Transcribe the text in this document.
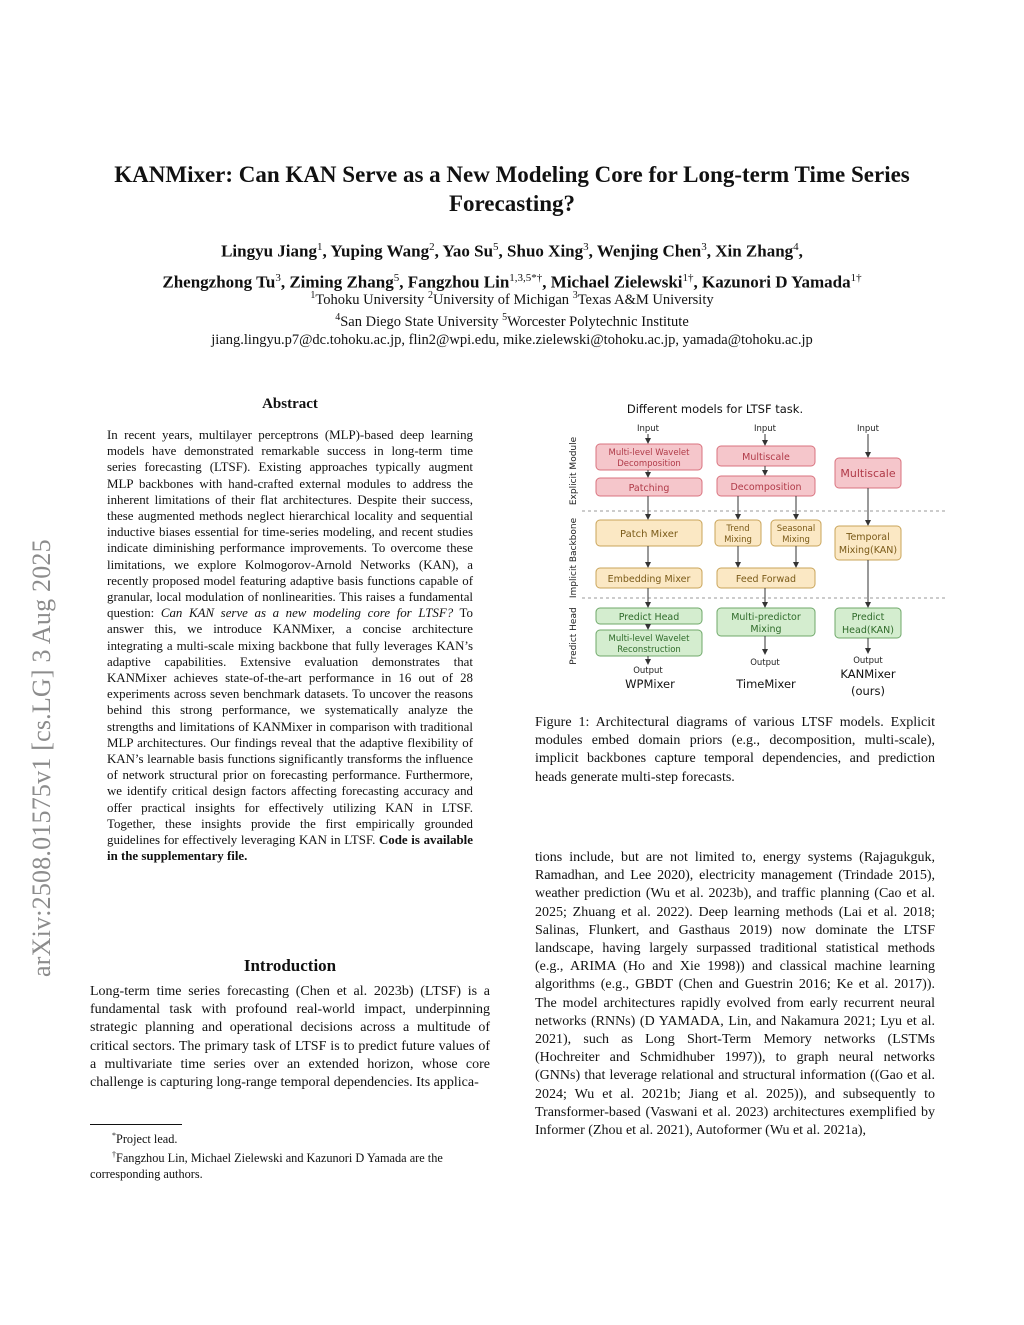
KANMixer: Can KAN Serve as a New Modeling Core for Long-term Time Series Forecasting?
Lingyu Jiang$^1$, Yuping Wang$^2$, Yao Su$^5$, Shuo Xing$^3$, Wenjing Chen$^3$, Xin Zhang$^4$,
Zhengzhong Tu$^3$, Ziming Zhang$^5$, Fangzhou Lin$^{1,3,5*\dagger}$, Michael Zielewski$^{1\dagger}$, Kazunori D Yamada$^{1\dagger}$
$^1$Tohoku University $^2$University of Michigan $^3$Texas A&M University
$^4$San Diego State University $^5$Worcester Polytechnic Institute
jiang.lingyu.p7@dc.tohoku.ac.jp, flin2@wpi.edu, mike.zielewski@tohoku.ac.jp, yamada@tohoku.ac.jp
arXiv:2508.01575v1 [cs.LG] 3 Aug 2025
Abstract
In recent years, multilayer perceptrons (MLP)-based deep learning models have demonstrated remarkable success in long-term time series forecasting (LTSF). Existing approaches typically augment MLP backbones with hand-crafted external modules to address the inherent limitations of their flat architectures. Despite their success, these augmented methods neglect hierarchical locality and sequential inductive biases essential for time-series modeling, and recent studies indicate diminishing performance improvements. To overcome these limitations, we explore Kolmogorov-Arnold Networks (KAN), a recently proposed model featuring adaptive basis functions capable of granular, local modulation of nonlinearities. This raises a fundamental question: Can KAN serve as a new modeling core for LTSF? To answer this, we introduce KANMixer, a concise architecture integrating a multi-scale mixing backbone that fully leverages KAN’s adaptive capabilities. Extensive evaluation demonstrates that KANMixer achieves state-of-the-art performance in 16 out of 28 experiments across seven benchmark datasets. To uncover the reasons behind this strong performance, we systematically analyze the strengths and limitations of KANMixer in comparison with traditional MLP architectures. Our findings reveal that the adaptive flexibility of KAN’s learnable basis functions significantly transforms the influence of network structural prior on forecasting performance. Furthermore, we identify critical design factors affecting forecasting accuracy and offer practical insights for effectively utilizing KAN in LTSF. Together, these insights provide the first empirically grounded guidelines for effectively leveraging KAN in LTSF. Code is available in the supplementary file.
Introduction
Long-term time series forecasting (Chen et al. 2023b) (LTSF) is a fundamental task with profound real-world impact, underpinning strategic planning and operational decisions across a multitude of critical sectors. The primary task of LTSF is to predict future values of a multivariate time series over an extended horizon, whose core challenge is capturing long-range temporal dependencies. Its applica-

*Project lead.

†Fangzhou Lin, Michael Zielewski and Kazunori D Yamada are the corresponding authors.

Different models for LTSF task.
Explicit Module
Implicit Backbone
Predict Head
Input
Multi-level Wavelet
Decomposition
Patching
Patch Mixer
Embedding Mixer
Predict Head
Multi-level Wavelet
Reconstruction
Output
WPMixer
Input
Multiscale
Decomposition
Trend
Mixing
Seasonal
Mixing
Feed Forwad
Multi-predictor
Mixing
Output
TimeMixer
Input
Multiscale
Temporal
Mixing(KAN)
Predict
Head(KAN)
Output
KANMixer
(ours)
Figure 1: Architectural diagrams of various LTSF models. Explicit modules embed domain priors (e.g., decomposition, multi-scale), implicit backbones capture temporal dependencies, and prediction heads generate multi-step forecasts.
tions include, but are not limited to, energy systems (Rajagukguk, Ramadhan, and Lee 2020), electricity management (Trindade 2015), weather prediction (Wu et al. 2023b), and traffic planning (Cao et al. 2025; Zhuang et al. 2022). Deep learning methods (Lai et al. 2018; Salinas, Flunkert, and Gasthaus 2019) now dominate the LTSF landscape, having largely surpassed traditional statistical methods (e.g., ARIMA (Ho and Xie 1998)) and classical machine learning algorithms (e.g., GBDT (Chen and Guestrin 2016; Ke et al. 2017)). The model architectures rapidly evolved from early recurrent neural networks (RNNs) (D YAMADA, Lin, and Nakamura 2021; Lyu et al. 2021), such as Long Short-Term Memory networks (LSTMs (Hochreiter and Schmidhuber 1997)), to graph neural networks (GNNs) that leverage relational and structural information ((Gao et al. 2024; Wu et al. 2021b; Jiang et al. 2025)), and subsequently to Transformer-based (Vaswani et al. 2023) architectures exemplified by Informer (Zhou et al. 2021), Autoformer (Wu et al. 2021a),
